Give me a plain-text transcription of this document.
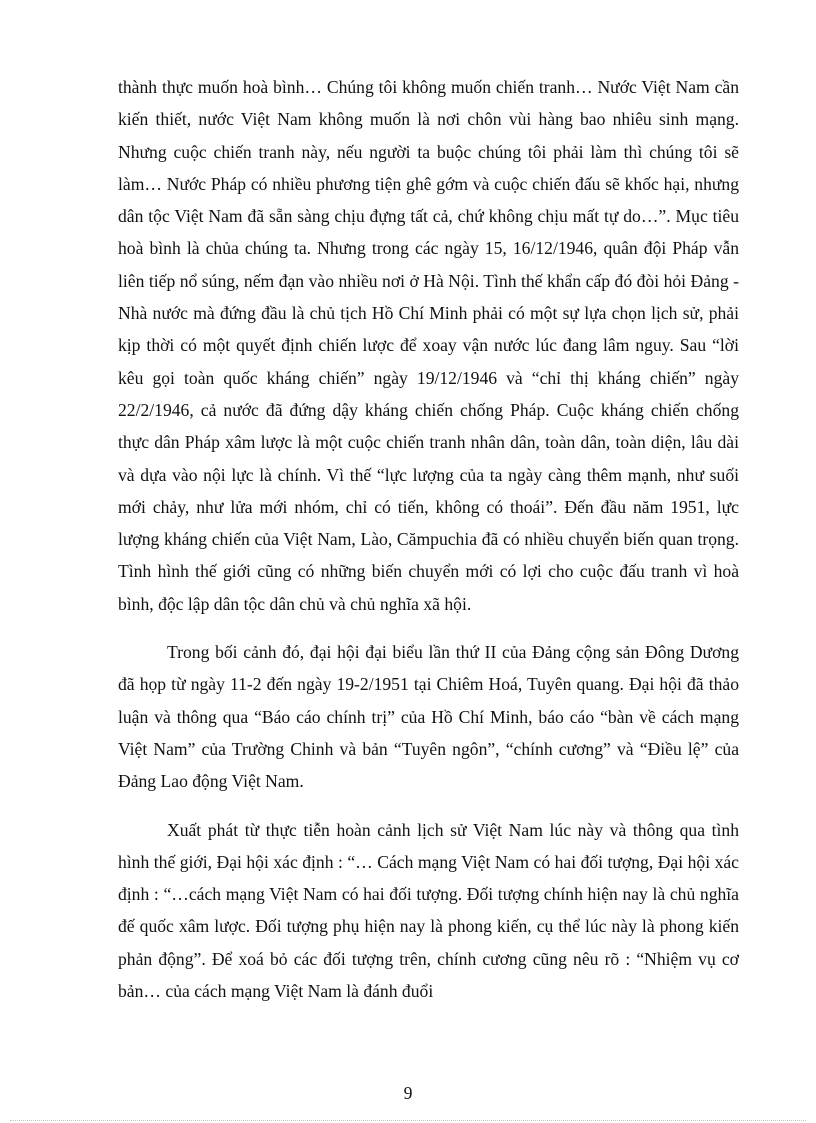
thành thực muốn hoà bình… Chúng tôi không muốn chiến tranh… Nước Việt Nam cần kiến thiết, nước Việt Nam không muốn là nơi chôn vùi hàng bao nhiêu sinh mạng. Nhưng cuộc chiến tranh này, nếu người ta buộc chúng tôi phải làm thì chúng tôi sẽ làm… Nước Pháp có nhiều phương tiện ghê gớm và cuộc chiến đấu sẽ khốc hại, nhưng dân tộc Việt Nam đã sẵn sàng chịu đựng tất cả, chứ không chịu mất tự do…”. Mục tiêu hoà bình là chủa chúng ta. Nhưng trong các ngày 15, 16/12/1946, quân đội Pháp vẫn liên tiếp nổ súng, nếm đạn vào nhiều nơi ở Hà Nội. Tình thế khẩn cấp đó đòi hỏi Đảng - Nhà nước mà đứng đầu là chủ tịch Hồ Chí Minh phải có một sự lựa chọn lịch sử, phải kịp thời có một quyết định chiến lược để xoay vận nước lúc đang lâm nguy. Sau “lời kêu gọi toàn quốc kháng chiến” ngày 19/12/1946 và “chỉ thị kháng chiến” ngày 22/2/1946, cả nước đã đứng dậy kháng chiến chống Pháp. Cuộc kháng chiến chống thực dân Pháp xâm lược là một cuộc chiến tranh nhân dân, toàn dân, toàn diện, lâu dài và dựa vào nội lực là chính. Vì thế “lực lượng của ta ngày càng thêm mạnh, như suối mới chảy, như lửa mới nhóm, chỉ có tiến, không có thoái”. Đến đầu năm 1951, lực lượng kháng chiến của Việt Nam, Lào, Cămpuchia đã có nhiều chuyển biến quan trọng. Tình hình thế giới cũng có những biến chuyển mới có lợi cho cuộc đấu tranh vì hoà bình, độc lập dân tộc dân chủ và chủ nghĩa xã hội.

Trong bối cảnh đó, đại hội đại biểu lần thứ II của Đảng cộng sản Đông Dương đã họp từ ngày 11-2 đến ngày 19-2/1951 tại Chiêm Hoá, Tuyên quang. Đại hội đã thảo luận và thông qua “Báo cáo chính trị” của Hồ Chí Minh, báo cáo “bàn về cách mạng Việt Nam” của Trường Chinh và bản “Tuyên ngôn”, “chính cương” và “Điều lệ” của Đảng Lao động Việt Nam.

Xuất phát từ thực tiễn hoàn cảnh lịch sử Việt Nam lúc này và thông qua tình hình thế giới, Đại hội xác định : “… Cách mạng Việt Nam có hai đối tượng, Đại hội xác định : “…cách mạng Việt Nam có hai đối tượng. Đối tượng chính hiện nay là chủ nghĩa đế quốc xâm lược. Đối tượng phụ hiện nay là phong kiến, cụ thể lúc này là phong kiến phản động”. Để xoá bỏ các đối tượng trên, chính cương cũng nêu rõ : “Nhiệm vụ cơ bản… của cách mạng Việt Nam là đánh đuổi

9
